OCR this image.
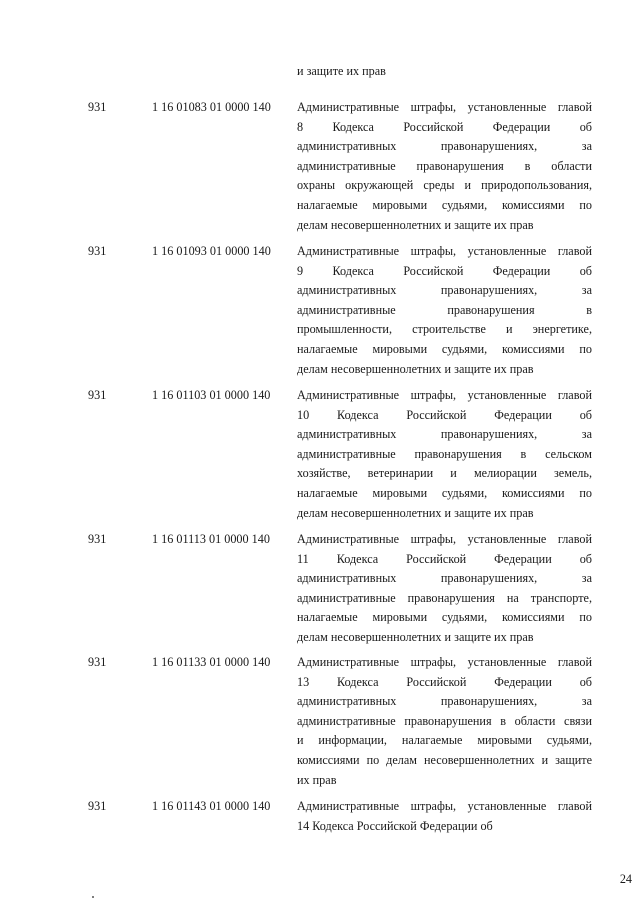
и защите их прав
931	1 16 01083 01 0000 140	Административные штрафы, установленные главой
8 Кодекса Российской Федерации об
административных правонарушениях, за
административные правонарушения в области
охраны окружающей среды и природопользования,
налагаемые мировыми судьями, комиссиями по
делам несовершеннолетних и защите их прав
931	1 16 01093 01 0000 140	Административные штрафы, установленные главой
9 Кодекса Российской Федерации об
административных правонарушениях, за
административные правонарушения в
промышленности, строительстве и энергетике,
налагаемые мировыми судьями, комиссиями по
делам несовершеннолетних и защите их прав
931	1 16 01103 01 0000 140	Административные штрафы, установленные главой
10 Кодекса Российской Федерации об
административных правонарушениях, за
административные правонарушения в сельском
хозяйстве, ветеринарии и мелиорации земель,
налагаемые мировыми судьями, комиссиями по
делам несовершеннолетних и защите их прав
931	1 16 01113 01 0000 140	Административные штрафы, установленные главой
11 Кодекса Российской Федерации об
административных правонарушениях, за
административные правонарушения на транспорте,
налагаемые мировыми судьями, комиссиями по
делам несовершеннолетних и защите их прав
931	1 16 01133 01 0000 140	Административные штрафы, установленные главой
13 Кодекса Российской Федерации об
административных правонарушениях, за
административные правонарушения в области связи
и информации, налагаемые мировыми судьями,
комиссиями по делам несовершеннолетних и защите
их прав
931	1 16 01143 01 0000 140	Административные штрафы, установленные главой
14 Кодекса Российской Федерации об
24
